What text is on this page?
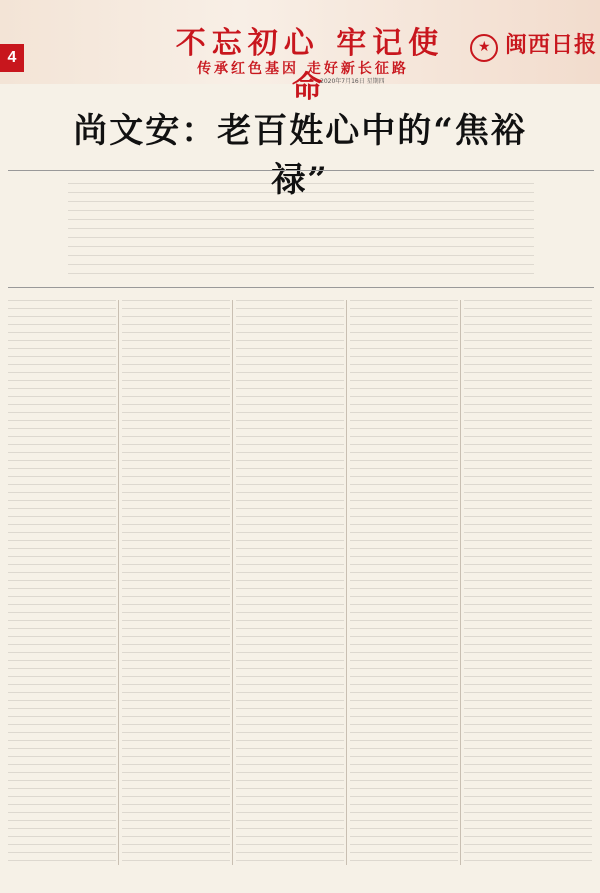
4	不忘初心 牢记使命
传承红色基因 走好新长征路
★
闽西日报
2020年7月16日 星期四
尚文安：老百姓心中的“焦裕禄”
